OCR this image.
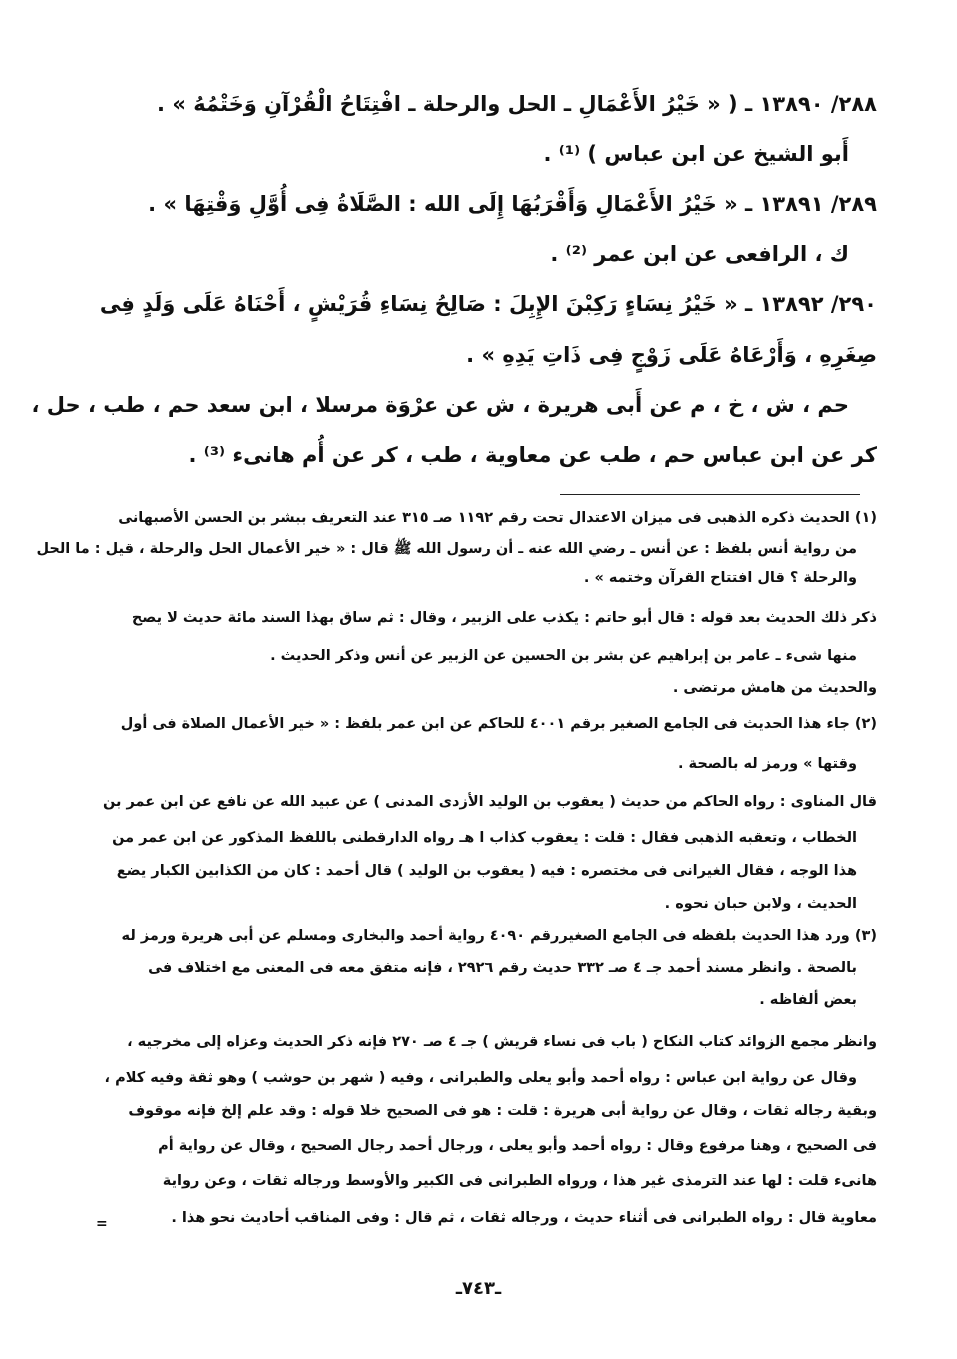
٢٨٨/ ١٣٨٩٠ ـ ( « خَيْرُ الأَعْمَالِ ـ الحل والرحلة ـ افْتِتَاحُ الْقُرْآنِ وَخَتْمُهُ » .
أَبو الشيخ عن ابن عباس ) ⁽¹⁾ .
٢٨٩/ ١٣٨٩١ ـ « خَيْرُ الأَعْمَالِ وَأَقْرَبُهَا إِلَى الله : الصَّلَاةُ فِى أُوَّلِ وَقْتِهَا » .
ك ، الرافعى عن ابن عمر ⁽²⁾ .
٢٩٠/ ١٣٨٩٢ ـ « خَيْرُ نِسَاءٍ رَكِبْنَ الإِبِلَ : صَالِحُ نِسَاءِ قُرَيْشٍ ، أَحْنَاهُ عَلَى وَلَدٍ فِى
صِغَرِهِ ، وَأَرْعَاهُ عَلَى زَوْجٍ فِى ذَاتِ يَدِهِ » .
حم ، ش ، خ ، م عن أَبى هريرة ، ش عن عرْوَة مرسلا ، ابن سعد حم ، طب ، حل ،
كر عن ابن عباس حم ، طب عن معاوية ، طب ، كر عن أُم هانىء ⁽³⁾ .
(١) الحديث ذكره الذهبى فى ميزان الاعتدال تحت رقم ١١٩٢ صـ ٣١٥ عند التعريف ببشر بن الحسن الأصبهانى
من رواية أنس بلفظ : عن أنس ـ رضي الله عنه ـ أن رسول الله ﷺ قال : « خير الأعمال الحل والرحلة ، قيل : ما الحل
والرحلة ؟ قال افتتاح القرآن وختمه » .
ذكر ذلك الحديث بعد قوله : قال أبو حاتم : يكذب على الزبير ، وقال : ثم ساق بهذا السند مائة حديث لا يصح
منها شىء ـ عامر بن إبراهيم عن بشر بن الحسين عن الزبير عن أنس وذكر الحديث .
والحديث من هامش مرتضى .
(٢) جاء هذا الحديث فى الجامع الصغير برقم ٤٠٠١ للحاكم عن ابن عمر بلفظ : « خير الأعمال الصلاة فى أول
وقتها » ورمز له بالصحة .
قال المناوى : رواه الحاكم من حديث ( يعقوب بن الوليد الأزدى المدنى ) عن عبيد الله عن نافع عن ابن عمر بن
الخطاب ، وتعقبه الذهبى فقال : قلت : يعقوب كذاب ا هـ رواه الدارقطنى باللفظ المذكور عن ابن عمر من
هذا الوجه ، فقال الغيرانى فى مختصره : فيه ( يعقوب بن الوليد ) قال أحمد : كان من الكذابين الكبار يضع
الحديث ، ولابن حبان نحوه .
(٣) ورد هذا الحديث بلفظه فى الجامع الصغيررقم ٤٠٩٠ رواية أحمد والبخارى ومسلم عن أبى هريرة ورمز له
بالصحة . وانظر مسند أحمد جـ ٤ صـ ٣٣٢ حديث رقم ٢٩٢٦ ، فإنه متفق معه فى المعنى مع اختلاف فى
بعض ألفاظه .
وانظر مجمع الزوائد كتاب النكاح ( باب فى نساء قريش ) جـ ٤ صـ ٢٧٠ فإنه ذكر الحديث وعزاه إلى مخرجيه ،
وقال عن رواية ابن عباس : رواه أحمد وأبو يعلى والطبرانى ، وفيه ( شهر بن حوشب ) وهو ثقة وفيه كلام ،
وبقية رجاله ثقات ، وقال عن رواية أبى هريرة : قلت : هو فى الصحيح خلا قوله : وقد علم إلخ فإنه موقوف
فى الصحيح ، وهنا مرفوع وقال : رواه أحمد وأبو يعلى ، ورجال أحمد رجال الصحيح ، وقال عن رواية أم
هانىء قلت : لها عند الترمذى غير هذا ، ورواه الطبرانى فى الكبير والأوسط ورجاله ثقات ، وعن رواية
معاوية قال : رواه الطبرانى فى أثناء حديث ، ورجاله ثقات ، ثم قال : وفى المناقب أحاديث نحو هذا .
=
ـ٧٤٣ـ
